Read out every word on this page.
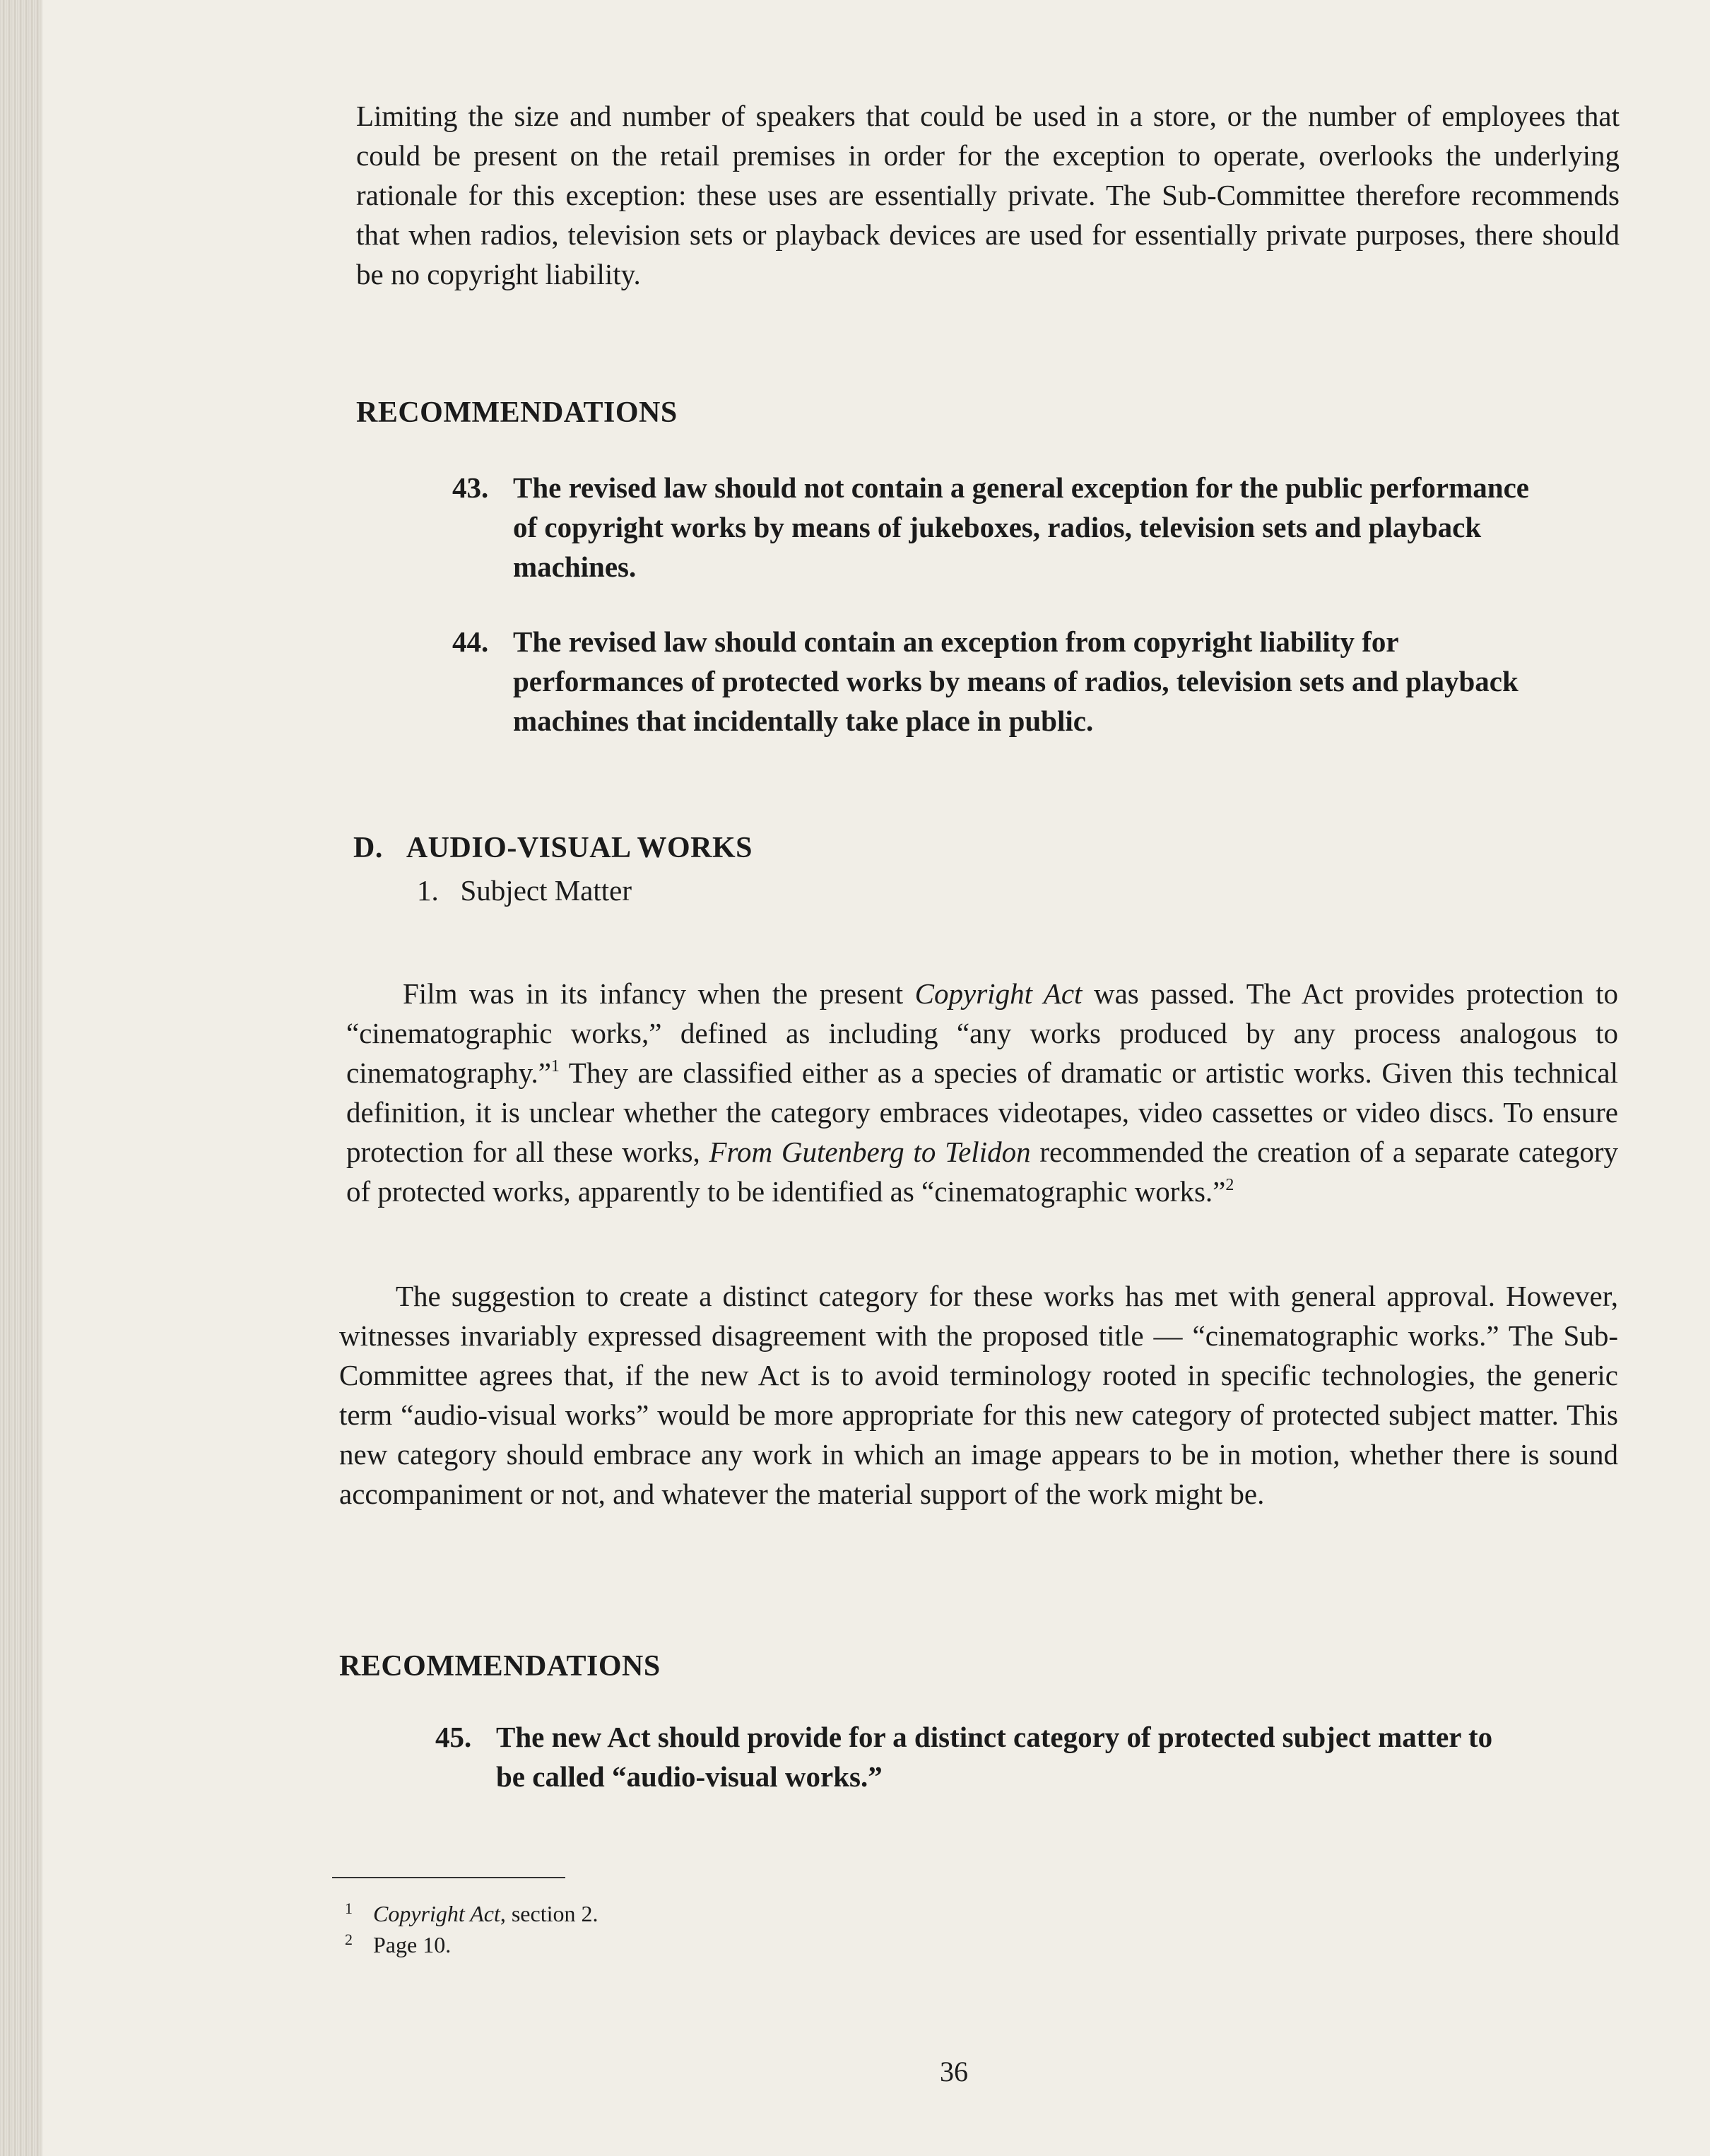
Limiting the size and number of speakers that could be used in a store, or the number of employees that could be present on the retail premises in order for the exception to operate, overlooks the underlying rationale for this exception: these uses are essentially private. The Sub-Committee therefore recommends that when radios, television sets or playback devices are used for essentially private purposes, there should be no copyright liability.

RECOMMENDATIONS

43. The revised law should not contain a general exception for the public performance of copyright works by means of jukeboxes, radios, television sets and playback machines.
44. The revised law should contain an exception from copyright liability for performances of protected works by means of radios, television sets and playback machines that incidentally take place in public.

D. AUDIO-VISUAL WORKS

1. Subject Matter

Film was in its infancy when the present Copyright Act was passed. The Act provides protection to “cinematographic works,” defined as including “any works produced by any process analogous to cinematography.”$^1$ They are classified either as a species of dramatic or artistic works. Given this technical definition, it is unclear whether the category embraces videotapes, video cassettes or video discs. To ensure protection for all these works, From Gutenberg to Telidon recommended the creation of a separate category of protected works, apparently to be identified as “cinematographic works.”$^2$

The suggestion to create a distinct category for these works has met with general approval. However, witnesses invariably expressed disagreement with the proposed title — “cinematographic works.” The Sub-Committee agrees that, if the new Act is to avoid terminology rooted in specific technologies, the generic term “audio-visual works” would be more appropriate for this new category of protected subject matter. This new category should embrace any work in which an image appears to be in motion, whether there is sound accompaniment or not, and whatever the material support of the work might be.

RECOMMENDATIONS

45. The new Act should provide for a distinct category of protected subject matter to be called “audio-visual works.”
1 Copyright Act, section 2.
2 Page 10.
36
